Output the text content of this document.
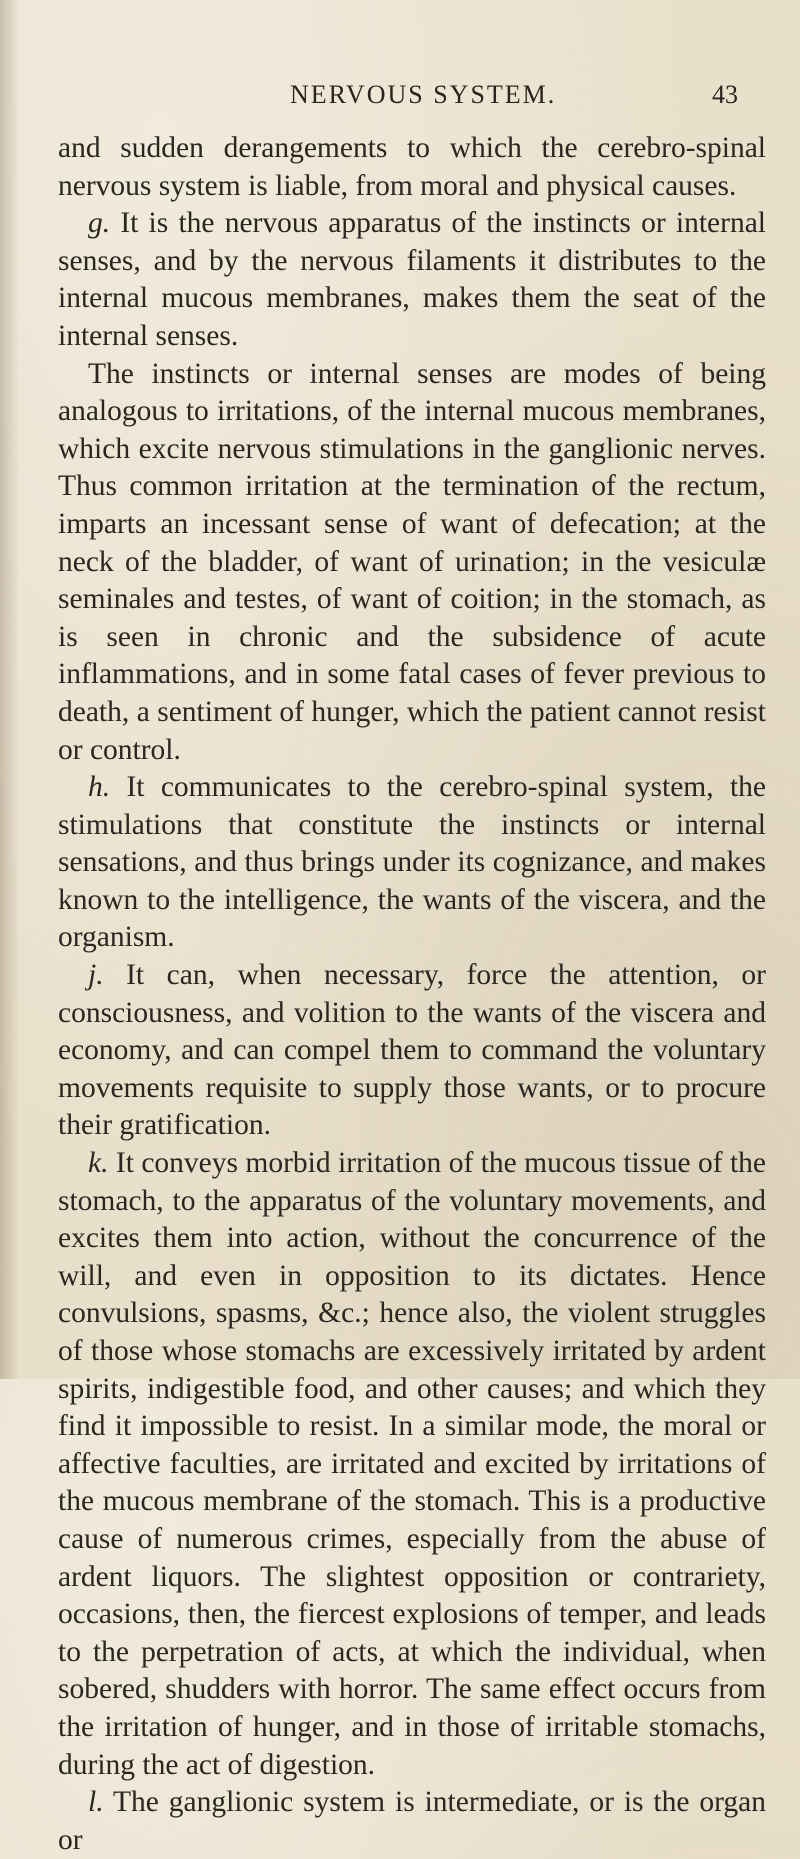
NERVOUS SYSTEM.	43

and sudden derangements to which the cerebro-spinal nervous system is liable, from moral and physical causes.

g. It is the nervous apparatus of the instincts or internal senses, and by the nervous filaments it distributes to the internal mucous membranes, makes them the seat of the internal senses.

The instincts or internal senses are modes of being analogous to irritations, of the internal mucous membranes, which excite nervous stimulations in the ganglionic nerves. Thus common irritation at the termination of the rectum, imparts an incessant sense of want of defecation; at the neck of the bladder, of want of urination; in the vesiculæ seminales and testes, of want of coition; in the stomach, as is seen in chronic and the subsidence of acute inflammations, and in some fatal cases of fever previous to death, a sentiment of hunger, which the patient cannot resist or control.

h. It communicates to the cerebro-spinal system, the stimulations that constitute the instincts or internal sensations, and thus brings under its cognizance, and makes known to the intelligence, the wants of the viscera, and the organism.

j. It can, when necessary, force the attention, or consciousness, and volition to the wants of the viscera and economy, and can compel them to command the voluntary movements requisite to supply those wants, or to procure their gratification.

k. It conveys morbid irritation of the mucous tissue of the stomach, to the apparatus of the voluntary movements, and excites them into action, without the concurrence of the will, and even in opposition to its dictates. Hence convulsions, spasms, &c.; hence also, the violent struggles of those whose stomachs are excessively irritated by ardent spirits, indigestible food, and other causes; and which they find it impossible to resist. In a similar mode, the moral or affective faculties, are irritated and excited by irritations of the mucous membrane of the stomach. This is a productive cause of numerous crimes, especially from the abuse of ardent liquors. The slightest opposition or contrariety, occasions, then, the fiercest explosions of temper, and leads to the perpetration of acts, at which the individual, when sobered, shudders with horror. The same effect occurs from the irritation of hunger, and in those of irritable stomachs, during the act of digestion.

l. The ganglionic system is intermediate, or is the organ or
